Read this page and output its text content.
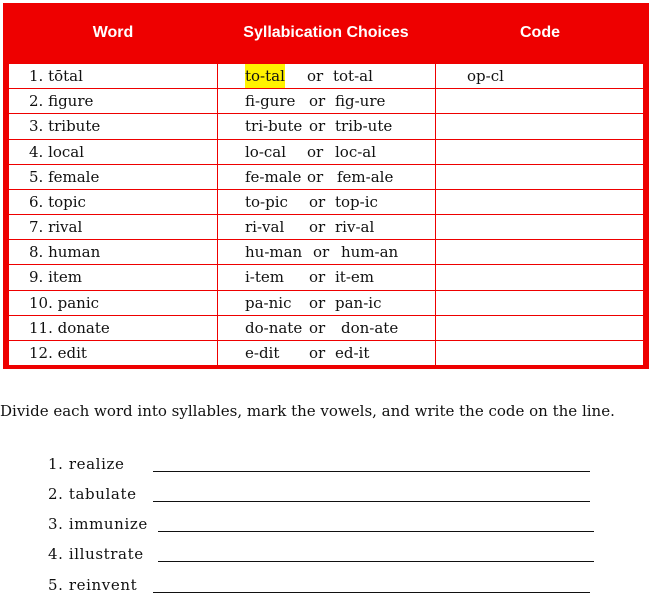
Word	Syllabication Choices	Code
1. tōtal	to-tal or tot-al	op-cl
2. figure	fi-gure or fig-ure
3. tribute	tri-bute or trib-ute
4. local	lo-cal or loc-al
5. female	fe-male or fem-ale
6. topic	to-pic or top-ic
7. rival	ri-val or riv-al
8. human	hu-man or hum-an
9. item	i-tem or it-em
10. panic	pa-nic or pan-ic
11. donate	do-nate or don-ate
12. edit	e-dit or ed-it
Divide each word into syllables, mark the vowels, and write the code on the line.
1. realize
2. tabulate
3. immunize
4. illustrate
5. reinvent
